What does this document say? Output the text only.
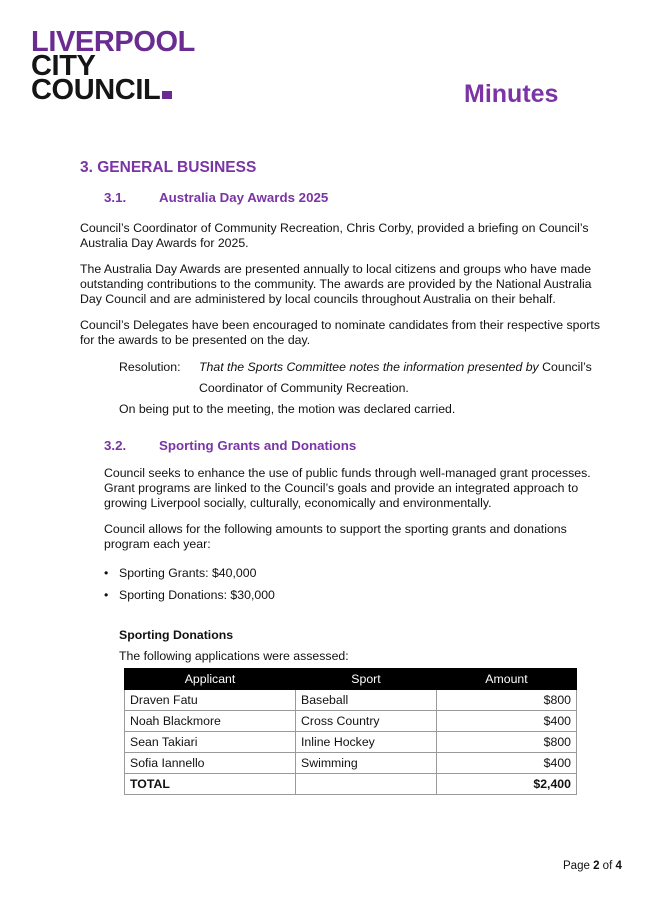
LIVERPOOL
CITY
COUNCIL	Minutes
3. GENERAL BUSINESS
3.1. Australia Day Awards 2025

Council’s Coordinator of Community Recreation, Chris Corby, provided a briefing on Council’s Australia Day Awards for 2025.

The Australia Day Awards are presented annually to local citizens and groups who have made outstanding contributions to the community. The awards are provided by the National Australia Day Council and are administered by local councils throughout Australia on their behalf.

Council’s Delegates have been encouraged to nominate candidates from their respective sports for the awards to be presented on the day.

Resolution: That the Sports Committee notes the information presented by Council’s
Coordinator of Community Recreation.
On being put to the meeting, the motion was declared carried.
3.2. Sporting Grants and Donations

Council seeks to enhance the use of public funds through well-managed grant processes. Grant programs are linked to the Council’s goals and provide an integrated approach to growing Liverpool socially, culturally, economically and environmentally.

Council allows for the following amounts to support the sporting grants and donations program each year:

• Sporting Grants: $40,000
• Sporting Donations: $30,000
Sporting Donations
The following applications were assessed:
Applicant	Sport	Amount
Draven Fatu	Baseball	$800
Noah Blackmore	Cross Country	$400
Sean Takiari	Inline Hockey	$800
Sofia Iannello	Swimming	$400
TOTAL		$2,400
Page 2 of 4
